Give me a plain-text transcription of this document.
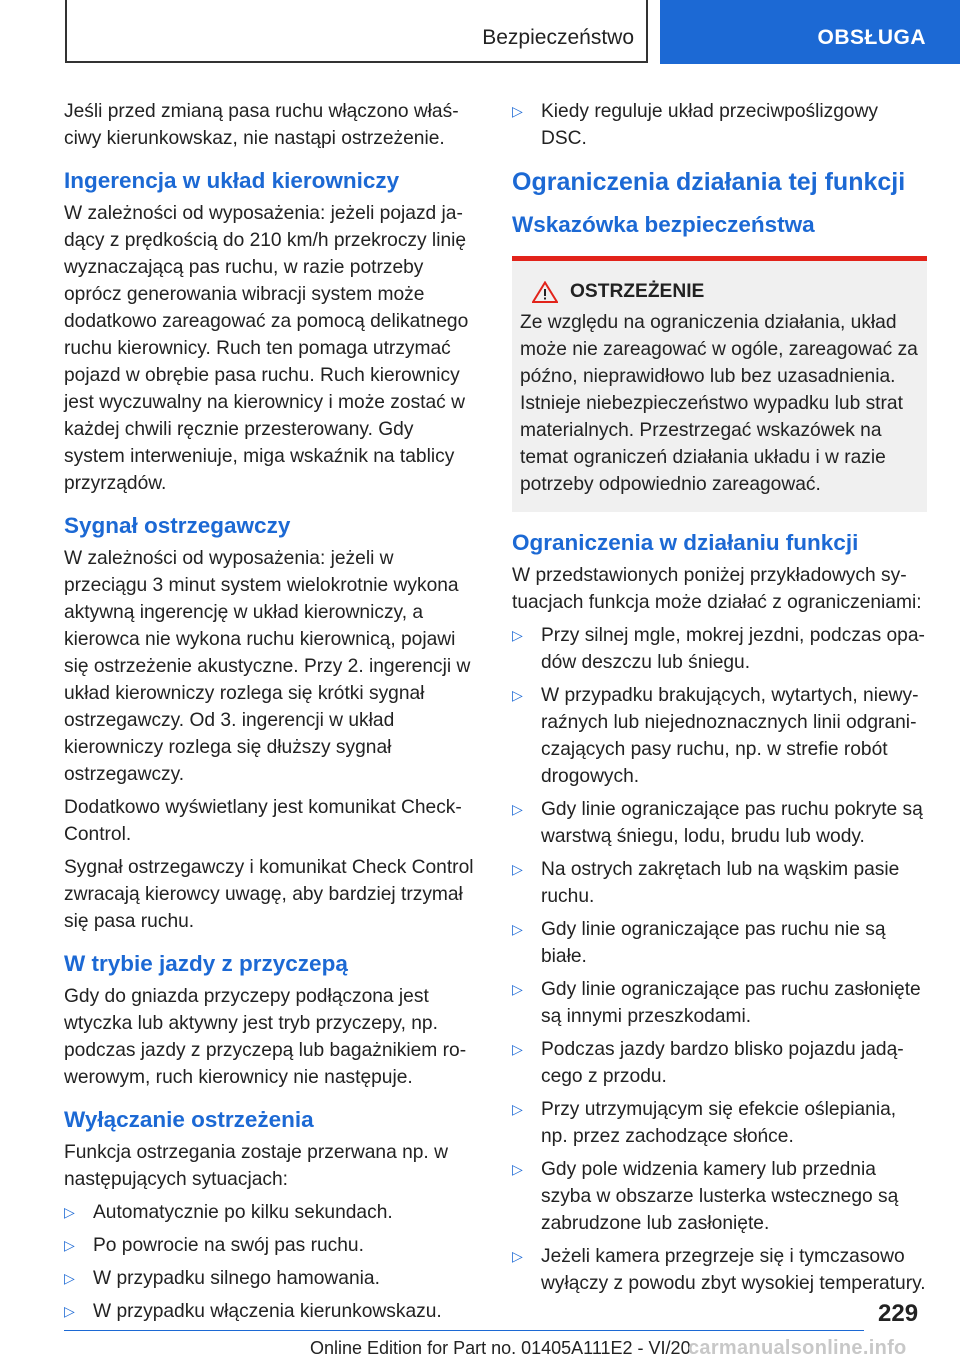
Bezpieczeństwo	OBSŁUGA

Jeśli przed zmianą pasa ruchu włączono właściwy kierunkowskaz, nie nastąpi ostrzeżenie.

Ingerencja w układ kierowniczy

W zależności od wyposażenia: jeżeli pojazd jadący z prędkością do 210 km/h przekroczy linię wyznaczającą pas ruchu, w razie potrzeby oprócz generowania wibracji system może dodatkowo zareagować za pomocą delikatnego ruchu kierownicy. Ruch ten pomaga utrzymać pojazd w obrębie pasa ruchu. Ruch kierownicy jest wyczuwalny na kierownicy i może zostać w każdej chwili ręcznie przesterowany. Gdy system interweniuje, miga wskaźnik na tablicy przyrządów.

Sygnał ostrzegawczy

W zależności od wyposażenia: jeżeli w przeciągu 3 minut system wielokrotnie wykona aktywną ingerencję w układ kierowniczy, a kierowca nie wykona ruchu kierownicą, pojawi się ostrzeżenie akustyczne. Przy 2. ingerencji w układ kierowniczy rozlega się krótki sygnał ostrzegawczy. Od 3. ingerencji w układ kierowniczy rozlega się dłuższy sygnał ostrzegawczy.

Dodatkowo wyświetlany jest komunikat Check-Control.

Sygnał ostrzegawczy i komunikat Check Control zwracają kierowcy uwagę, aby bardziej trzymał się pasa ruchu.

W trybie jazdy z przyczepą

Gdy do gniazda przyczepy podłączona jest wtyczka lub aktywny jest tryb przyczepy, np. podczas jazdy z przyczepą lub bagażnikiem rowerowym, ruch kierownicy nie następuje.

Wyłączanie ostrzeżenia

Funkcja ostrzegania zostaje przerwana np. w następujących sytuacjach:

▷ Automatycznie po kilku sekundach.
▷ Po powrocie na swój pas ruchu.
▷ W przypadku silnego hamowania.
▷ W przypadku włączenia kierunkowskazu.
▷ Kiedy reguluje układ przeciwpoślizgowy DSC.
Ograniczenia działania tej funkcji
Wskazówka bezpieczeństwa
OSTRZEŻENIE

Ze względu na ograniczenia działania, układ może nie zareagować w ogóle, zareagować za późno, nieprawidłowo lub bez uzasadnienia. Istnieje niebezpieczeństwo wypadku lub strat materialnych. Przestrzegać wskazówek na temat ograniczeń działania układu i w razie potrzeby odpowiednio zareagować.

Ograniczenia w działaniu funkcji

W przedstawionych poniżej przykładowych sytuacjach funkcja może działać z ograniczeniami:

▷ Przy silnej mgle, mokrej jezdni, podczas opadów deszczu lub śniegu.
▷ W przypadku brakujących, wytartych, niewyraźnych lub niejednoznacznych linii odgraniczających pasy ruchu, np. w strefie robót drogowych.
▷ Gdy linie ograniczające pas ruchu pokryte są warstwą śniegu, lodu, brudu lub wody.
▷ Na ostrych zakrętach lub na wąskim pasie ruchu.
▷ Gdy linie ograniczające pas ruchu nie są białe.
▷ Gdy linie ograniczające pas ruchu zasłonięte są innymi przeszkodami.
▷ Podczas jazdy bardzo blisko pojazdu jadącego z przodu.
▷ Przy utrzymującym się efekcie oślepiania, np. przez zachodzące słońce.
▷ Gdy pole widzenia kamery lub przednia szyba w obszarze lusterka wstecznego są zabrudzone lub zasłonięte.
▷ Jeżeli kamera przegrzeje się i tymczasowo wyłączy z powodu zbyt wysokiej temperatury.
229
Online Edition for Part no. 01405A111E2 - VI/20
carmanualsonline.info
